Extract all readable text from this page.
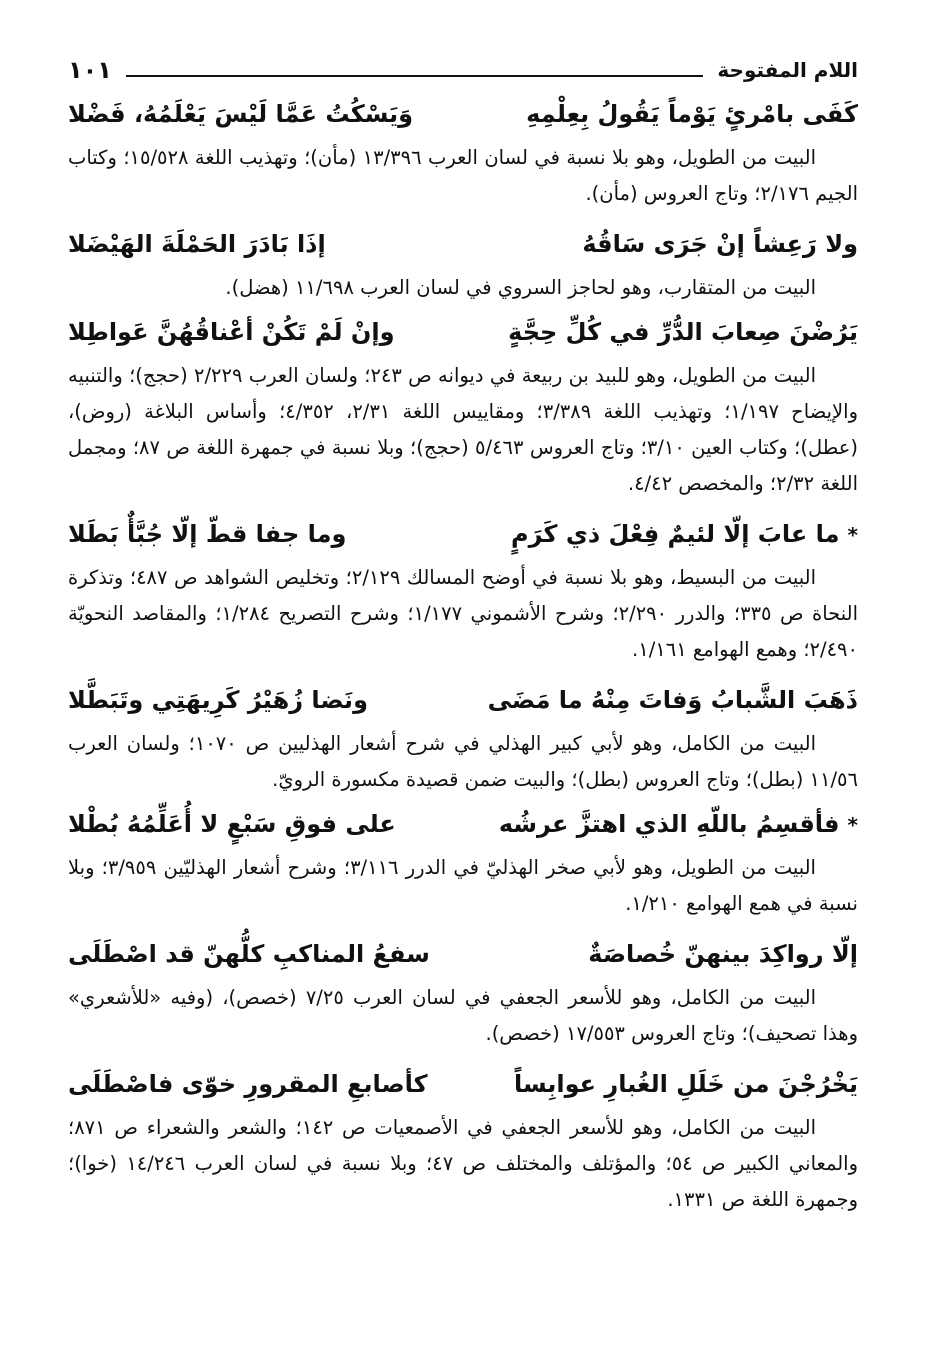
اللام المفتوحة
١٠١
كَفَى بامْرئٍ يَوْماً يَقُولُ بِعِلْمِهِ
وَيَسْكُتُ عَمَّا لَيْسَ يَعْلَمُهُ، فَضْلا

البيت من الطويل، وهو بلا نسبة في لسان العرب ١٣/٣٩٦ (مأن)؛ وتهذيب اللغة ١٥/٥٢٨؛ وكتاب الجيم ٢/١٧٦؛ وتاج العروس (مأن).

ولا رَعِشاً إنْ جَرَى سَاقُهُ
إذَا بَادَرَ الحَمْلَةَ الهَيْضَلا

البيت من المتقارب، وهو لحاجز السروي في لسان العرب ١١/٦٩٨ (هضل).

يَرُضْنَ صِعابَ الدُّرِّ في كُلِّ حِجَّةٍ
وإنْ لَمْ تَكُنْ أعْناقُهُنَّ عَواطِلا

البيت من الطويل، وهو للبيد بن ربيعة في ديوانه ص ٢٤٣؛ ولسان العرب ٢/٢٢٩ (حجج)؛ والتنبيه والإيضاح ١/١٩٧؛ وتهذيب اللغة ٣/٣٨٩؛ ومقاييس اللغة ٢/٣١، ٤/٣٥٢؛ وأساس البلاغة (روض)، (عطل)؛ وكتاب العين ٣/١٠؛ وتاج العروس ٥/٤٦٣ (حجج)؛ وبلا نسبة في جمهرة اللغة ص ٨٧؛ ومجمل اللغة ٢/٣٢؛ والمخصص ٤/٤٢.

*ما عابَ إلّا لئيمٌ فِعْلَ ذي كَرَمٍ
وما جفا قطّ إلّا جُبَّأٌ بَطَلا

البيت من البسيط، وهو بلا نسبة في أوضح المسالك ٢/١٢٩؛ وتخليص الشواهد ص ٤٨٧؛ وتذكرة النحاة ص ٣٣٥؛ والدرر ٢/٢٩٠؛ وشرح الأشموني ١/١٧٧؛ وشرح التصريح ١/٢٨٤؛ والمقاصد النحويّة ٢/٤٩٠؛ وهمع الهوامع ١/١٦١.

ذَهَبَ الشَّبابُ وَفاتَ مِنْهُ ما مَضَى
ونَضا زُهَيْرُ كَرِيهَتِي وتَبَطَّلا

البيت من الكامل، وهو لأبي كبير الهذلي في شرح أشعار الهذليين ص ١٠٧٠؛ ولسان العرب ١١/٥٦ (بطل)؛ وتاج العروس (بطل)؛ والبيت ضمن قصيدة مكسورة الرويّ.

*فأقسِمُ باللّهِ الذي اهتزَّ عرشُه
على فوقِ سَبْعٍ لا أُعَلِّمُهُ بُطْلا

البيت من الطويل، وهو لأبي صخر الهذليّ في الدرر ٣/١١٦؛ وشرح أشعار الهذليّين ٣/٩٥٩؛ وبلا نسبة في همع الهوامع ١/٢١٠.

إلّا رواكِدَ بينهنّ خُصاصَةٌ
سفعُ المناكبِ كلُّهنّ قد اصْطَلَى

البيت من الكامل، وهو للأسعر الجعفي في لسان العرب ٧/٢٥ (خصص)، (وفيه «للأشعري» وهذا تصحيف)؛ وتاج العروس ١٧/٥٥٣ (خصص).

يَخْرُجْنَ من خَلَلِ الغُبارِ عوابِساً
كأصابعِ المقرورِ خوّى فاصْطَلَى

البيت من الكامل، وهو للأسعر الجعفي في الأصمعيات ص ١٤٢؛ والشعر والشعراء ص ٨٧١؛ والمعاني الكبير ص ٥٤؛ والمؤتلف والمختلف ص ٤٧؛ وبلا نسبة في لسان العرب ١٤/٢٤٦ (خوا)؛ وجمهرة اللغة ص ١٣٣١.
